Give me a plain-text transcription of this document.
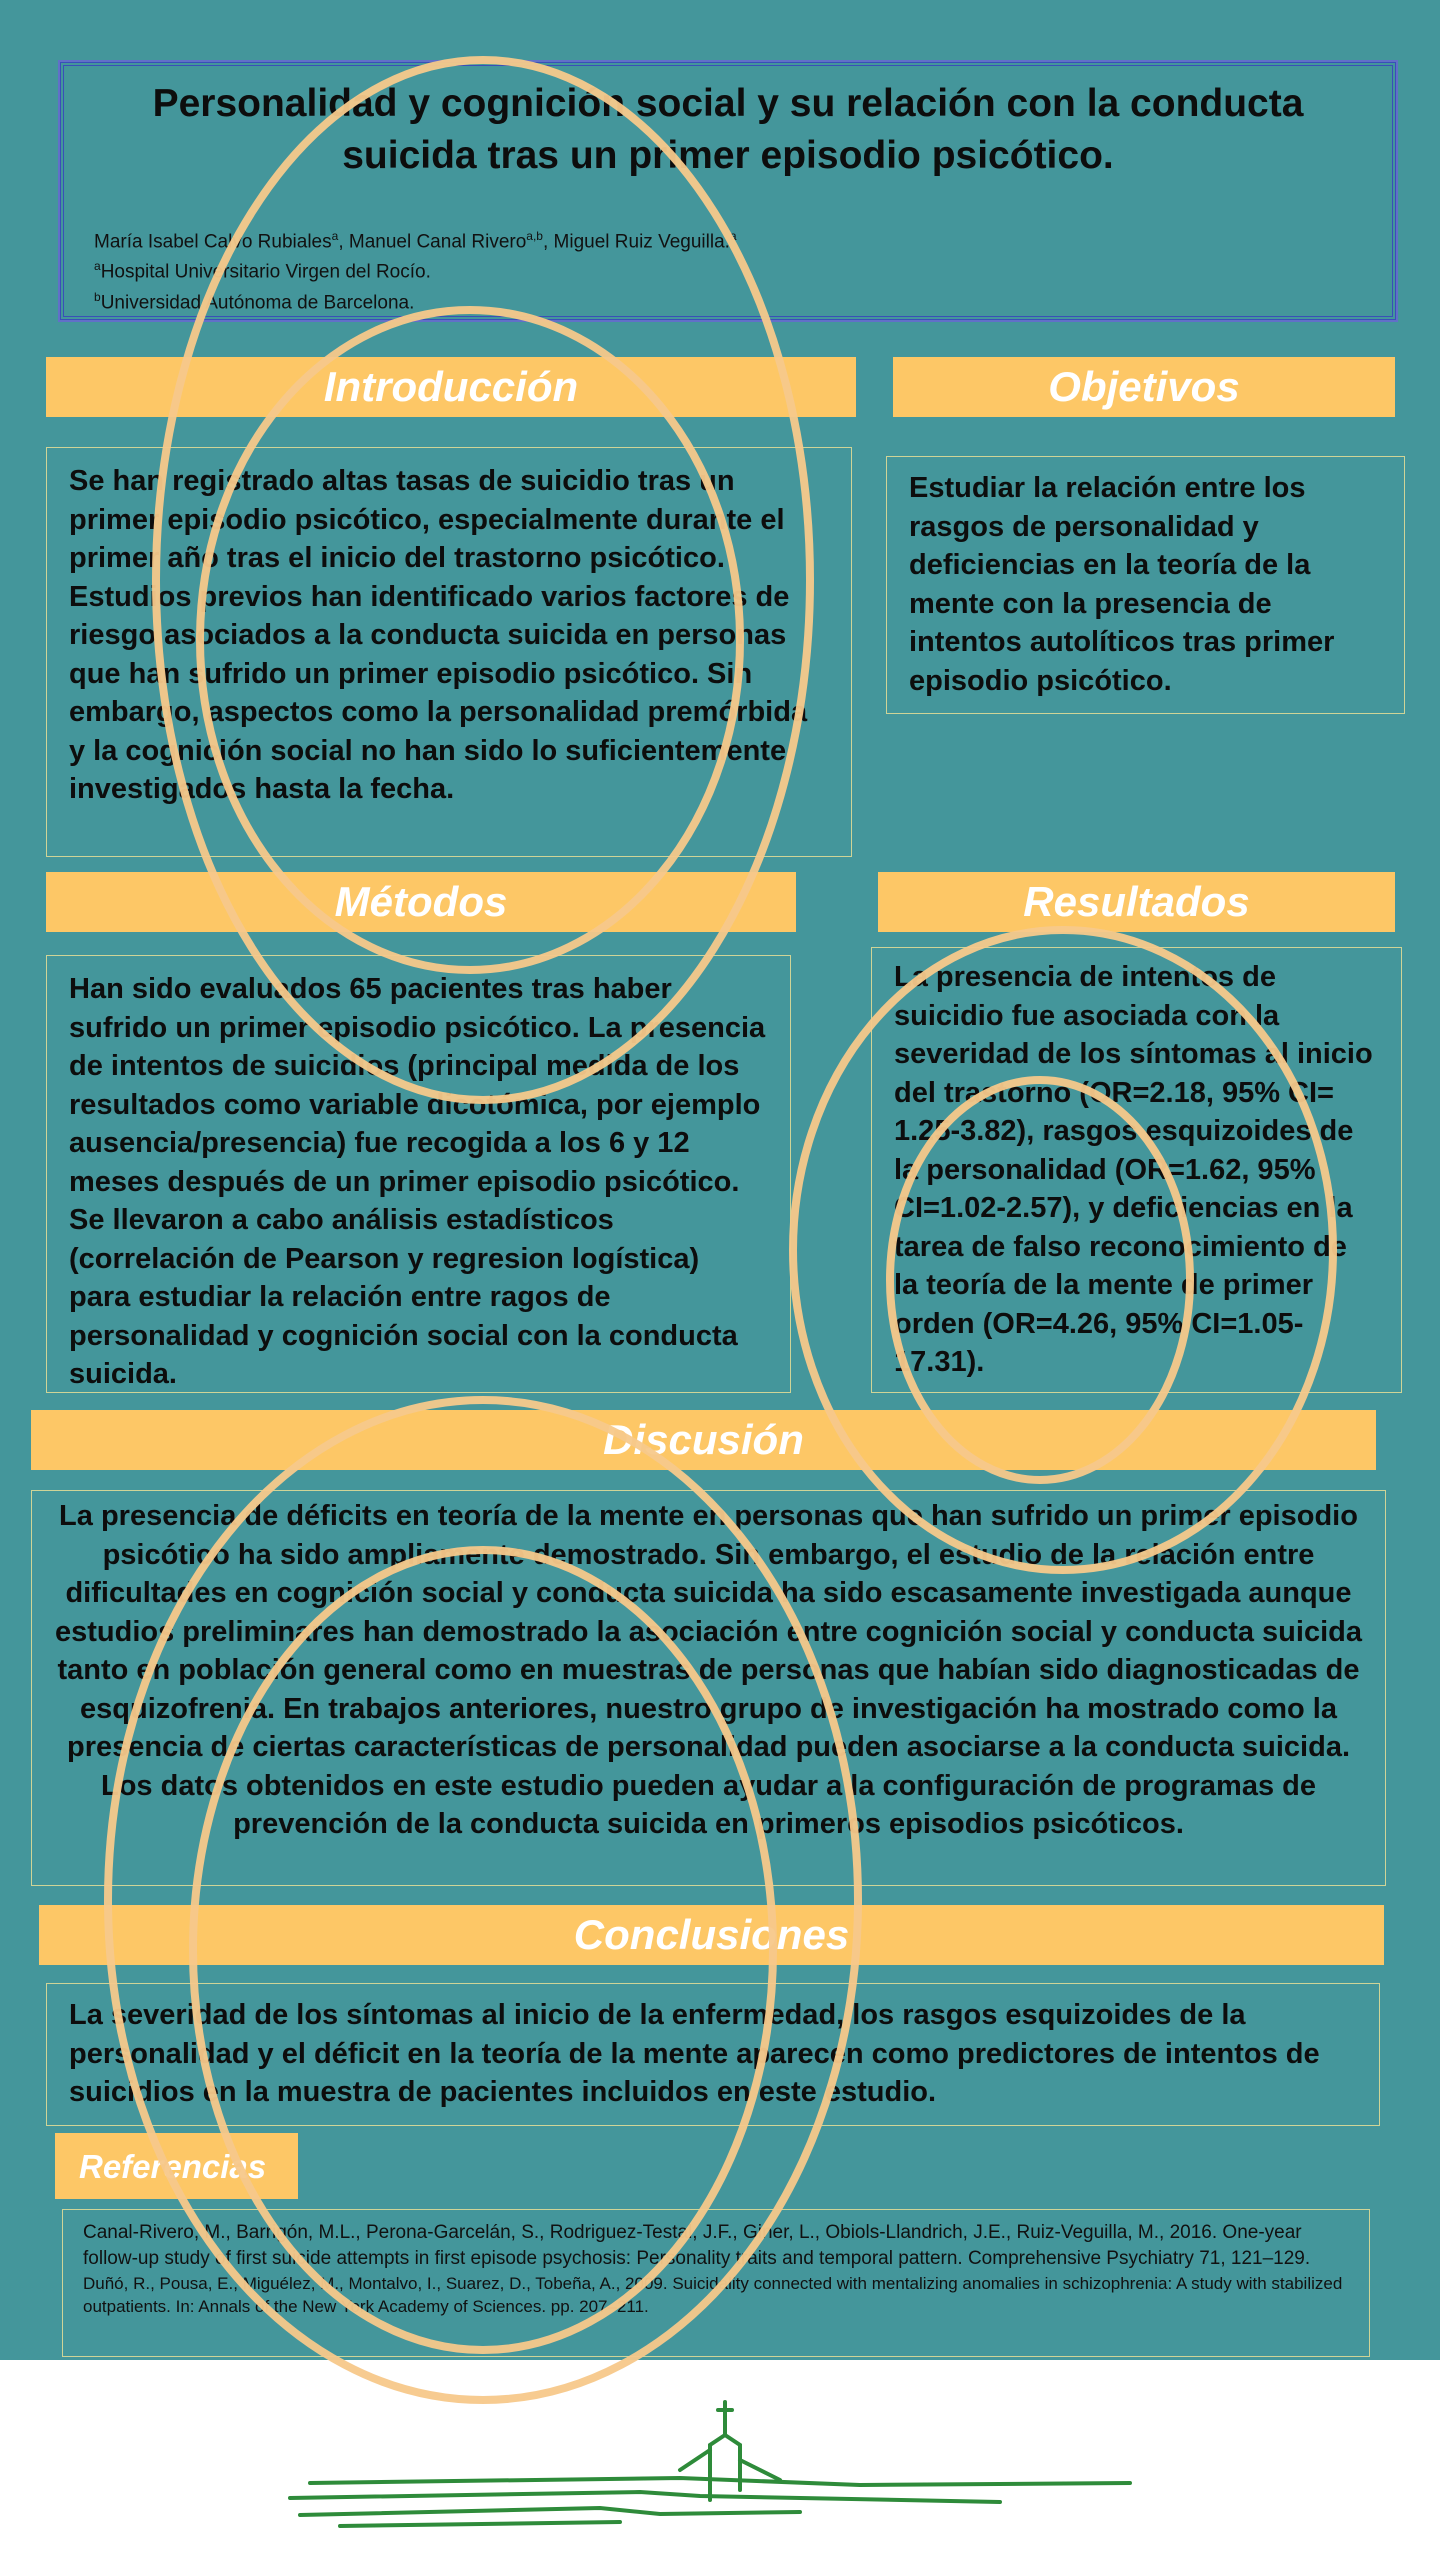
Personalidad y cognición social y su relación con la conducta suicida tras un primer episodio psicótico.
María Isabel Calvo Rubiales$^a$, Manuel Canal Rivero$^{a,b}$, Miguel Ruiz Veguilla.$^a$
$^a$Hospital Universitario Virgen del Rocío.
$^b$Universidad Autónoma de Barcelona.
Introducción

Se han registrado altas tasas de suicidio tras un primer episodio psicótico, especialmente durante el primer año tras el inicio del trastorno psicótico. Estudios previos han identificado varios factores de riesgo asociados a la conducta suicida en personas que han sufrido un primer episodio psicótico. Sin embargo, aspectos como la personalidad premórbida y la cognición social no han sido lo suficientemente investigados hasta la fecha.

Objetivos

Estudiar la relación entre los rasgos de personalidad y deficiencias en la teoría de la mente con la presencia de intentos autolíticos tras primer episodio psicótico.

Métodos

Han sido evaluados 65 pacientes tras haber sufrido un primer episodio psicótico. La presencia de intentos de suicidios (principal medida de los resultados como variable dicotómica, por ejemplo ausencia/presencia) fue recogida a los 6 y 12 meses después de un primer episodio psicótico. Se llevaron a cabo análisis estadísticos (correlación de Pearson y regresion logística) para estudiar la relación entre ragos de personalidad y cognición social con la conducta suicida.

Resultados

La presencia de intentos de suicidio fue asociada con la severidad de los síntomas al inicio del trastorno (OR=2.18, 95% CI= 1.25-3.82), rasgos esquizoides de la personalidad (OR=1.62, 95% CI=1.02-2.57), y deficiencias en la tarea de falso reconocimiento de la teoría de la mente de primer orden (OR=4.26, 95% CI=1.05-17.31).

Discusión

La presencia de déficits en teoría de la mente en personas que han sufrido un primer episodio psicótico ha sido ampliamente demostrado. Sin embargo, el estudio de la relación entre dificultades en cognición social y conducta suicida ha sido escasamente investigada aunque estudios preliminares han demostrado la asociación entre cognición social y conducta suicida tanto en población general como en muestras de personas que habían sido diagnosticadas de esquizofrenia. En trabajos anteriores, nuestro grupo de investigación ha mostrado como la presencia de ciertas características de personalidad pueden asociarse a la conducta suicida. Los datos obtenidos en este estudio pueden ayudar a la configuración de programas de prevención de la conducta suicida en primeros episodios psicóticos.

Conclusiones

La severidad de los síntomas al inicio de la enfermedad, los rasgos esquizoides de la personalidad y el déficit en la teoría de la mente aparecen como predictores de intentos de suicidios en la muestra de pacientes incluidos en este estudio.

Referencias

Canal-Rivero, M., Barrigón, M.L., Perona-Garcelán, S., Rodriguez-Testal, J.F., Giner, L., Obiols-Llandrich, J.E., Ruiz-Veguilla, M., 2016. One-year follow-up study of first suicide attempts in first episode psychosis: Personality traits and temporal pattern. Comprehensive Psychiatry 71, 121–129.

Duñó, R., Pousa, E., Miguélez, M., Montalvo, I., Suarez, D., Tobeña, A., 2009. Suicidality connected with mentalizing anomalies in schizophrenia: A study with stabilized outpatients. In: Annals of the New York Academy of Sciences. pp. 207–211.
